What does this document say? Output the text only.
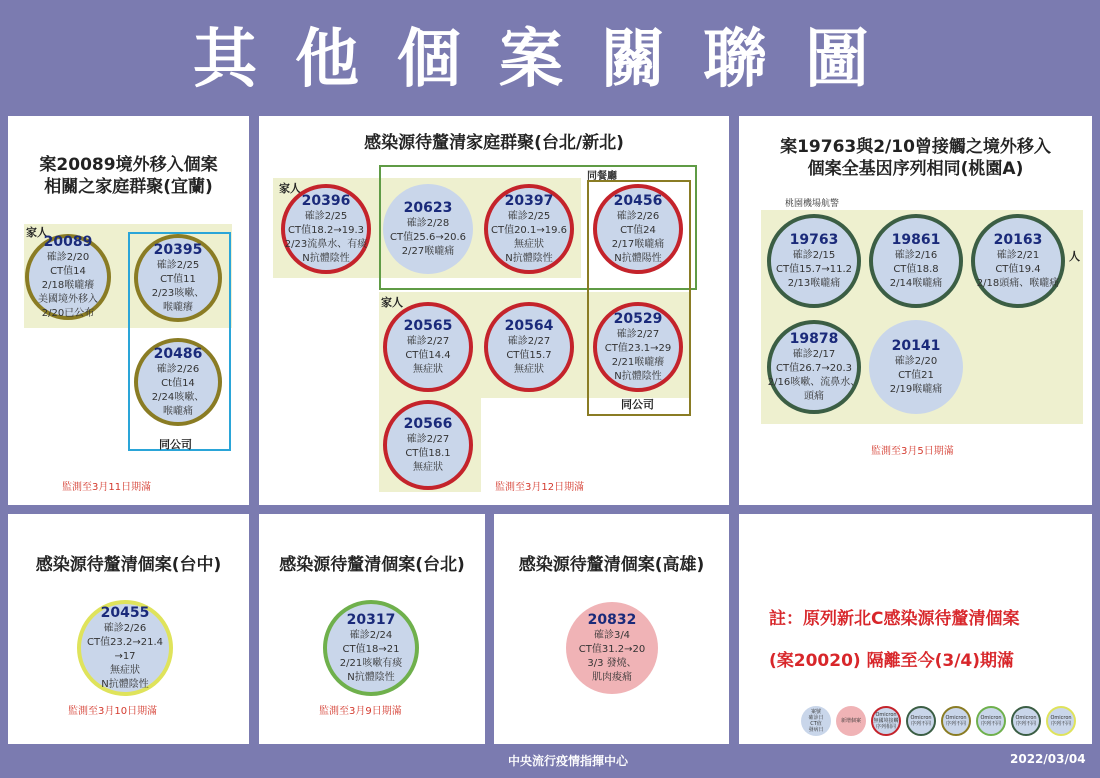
其他個案關聯圖
案20089境外移入個案
相關之家庭群聚(宜蘭)
家人
同公司
20089
確診2/20
CT值14
2/18喉嚨癢
美國境外移入
2/20已公布
20395
確診2/25
CT值11
2/23咳嗽、
喉嚨癢
20486
確診2/26
Ct值14
2/24咳嗽、
喉嚨痛
監測至3月11日期滿
感染源待釐清家庭群聚(台北/新北)
家人
家人
同餐廳
同公司
20396
確診2/25
CT值18.2→19.3
2/23流鼻水、有痰
N抗體陰性
20623
確診2/28
CT值25.6→20.6
2/27喉嚨痛
20397
確診2/25
CT值20.1→19.6
無症狀
N抗體陰性
20456
確診2/26
CT值24
2/17喉嚨痛
N抗體陽性
20565
確診2/27
CT值14.4
無症狀
20564
確診2/27
CT值15.7
無症狀
20529
確診2/27
CT值23.1→29
2/21喉嚨癢
N抗體陰性
20566
確診2/27
CT值18.1
無症狀
監測至3月12日期滿
案19763與2/10曾接觸之境外移入
個案全基因序列相同(桃園A)
桃園機場航警
人
19763
確診2/15
CT值15.7→11.2
2/13喉嚨痛
19861
確診2/16
CT值18.8
2/14喉嚨痛
20163
確診2/21
CT值19.4
2/18頭痛、喉嚨痛
19878
確診2/17
CT值26.7→20.3
2/16咳嗽、流鼻水、
頭痛
20141
確診2/20
CT值21
2/19喉嚨痛
監測至3月5日期滿
感染源待釐清個案(台中)
20455
確診2/26
CT值23.2→21.4
→17
無症狀
N抗體陰性
監測至3月10日期滿
感染源待釐清個案(台北)
20317
確診2/24
CT值18→21
2/21咳嗽有痰
N抗體陰性
監測至3月9日期滿
感染源待釐清個案(高雄)
20832
確診3/4
CT值31.2→20
3/3 發燒、
肌肉痠痛
註：原列新北C感染源待釐清個案
(案20020) 隔離至今(3/4)期滿
案號
確診日
CT值
發病日
新增個案
Omicron
無國境接觸
序列相同
Omicron
序列不同
Omicron
序列不同
Omicron
序列不同
Omicron
序列不同
Omicron
序列不同
中央流行疫情指揮中心	2022/03/04
